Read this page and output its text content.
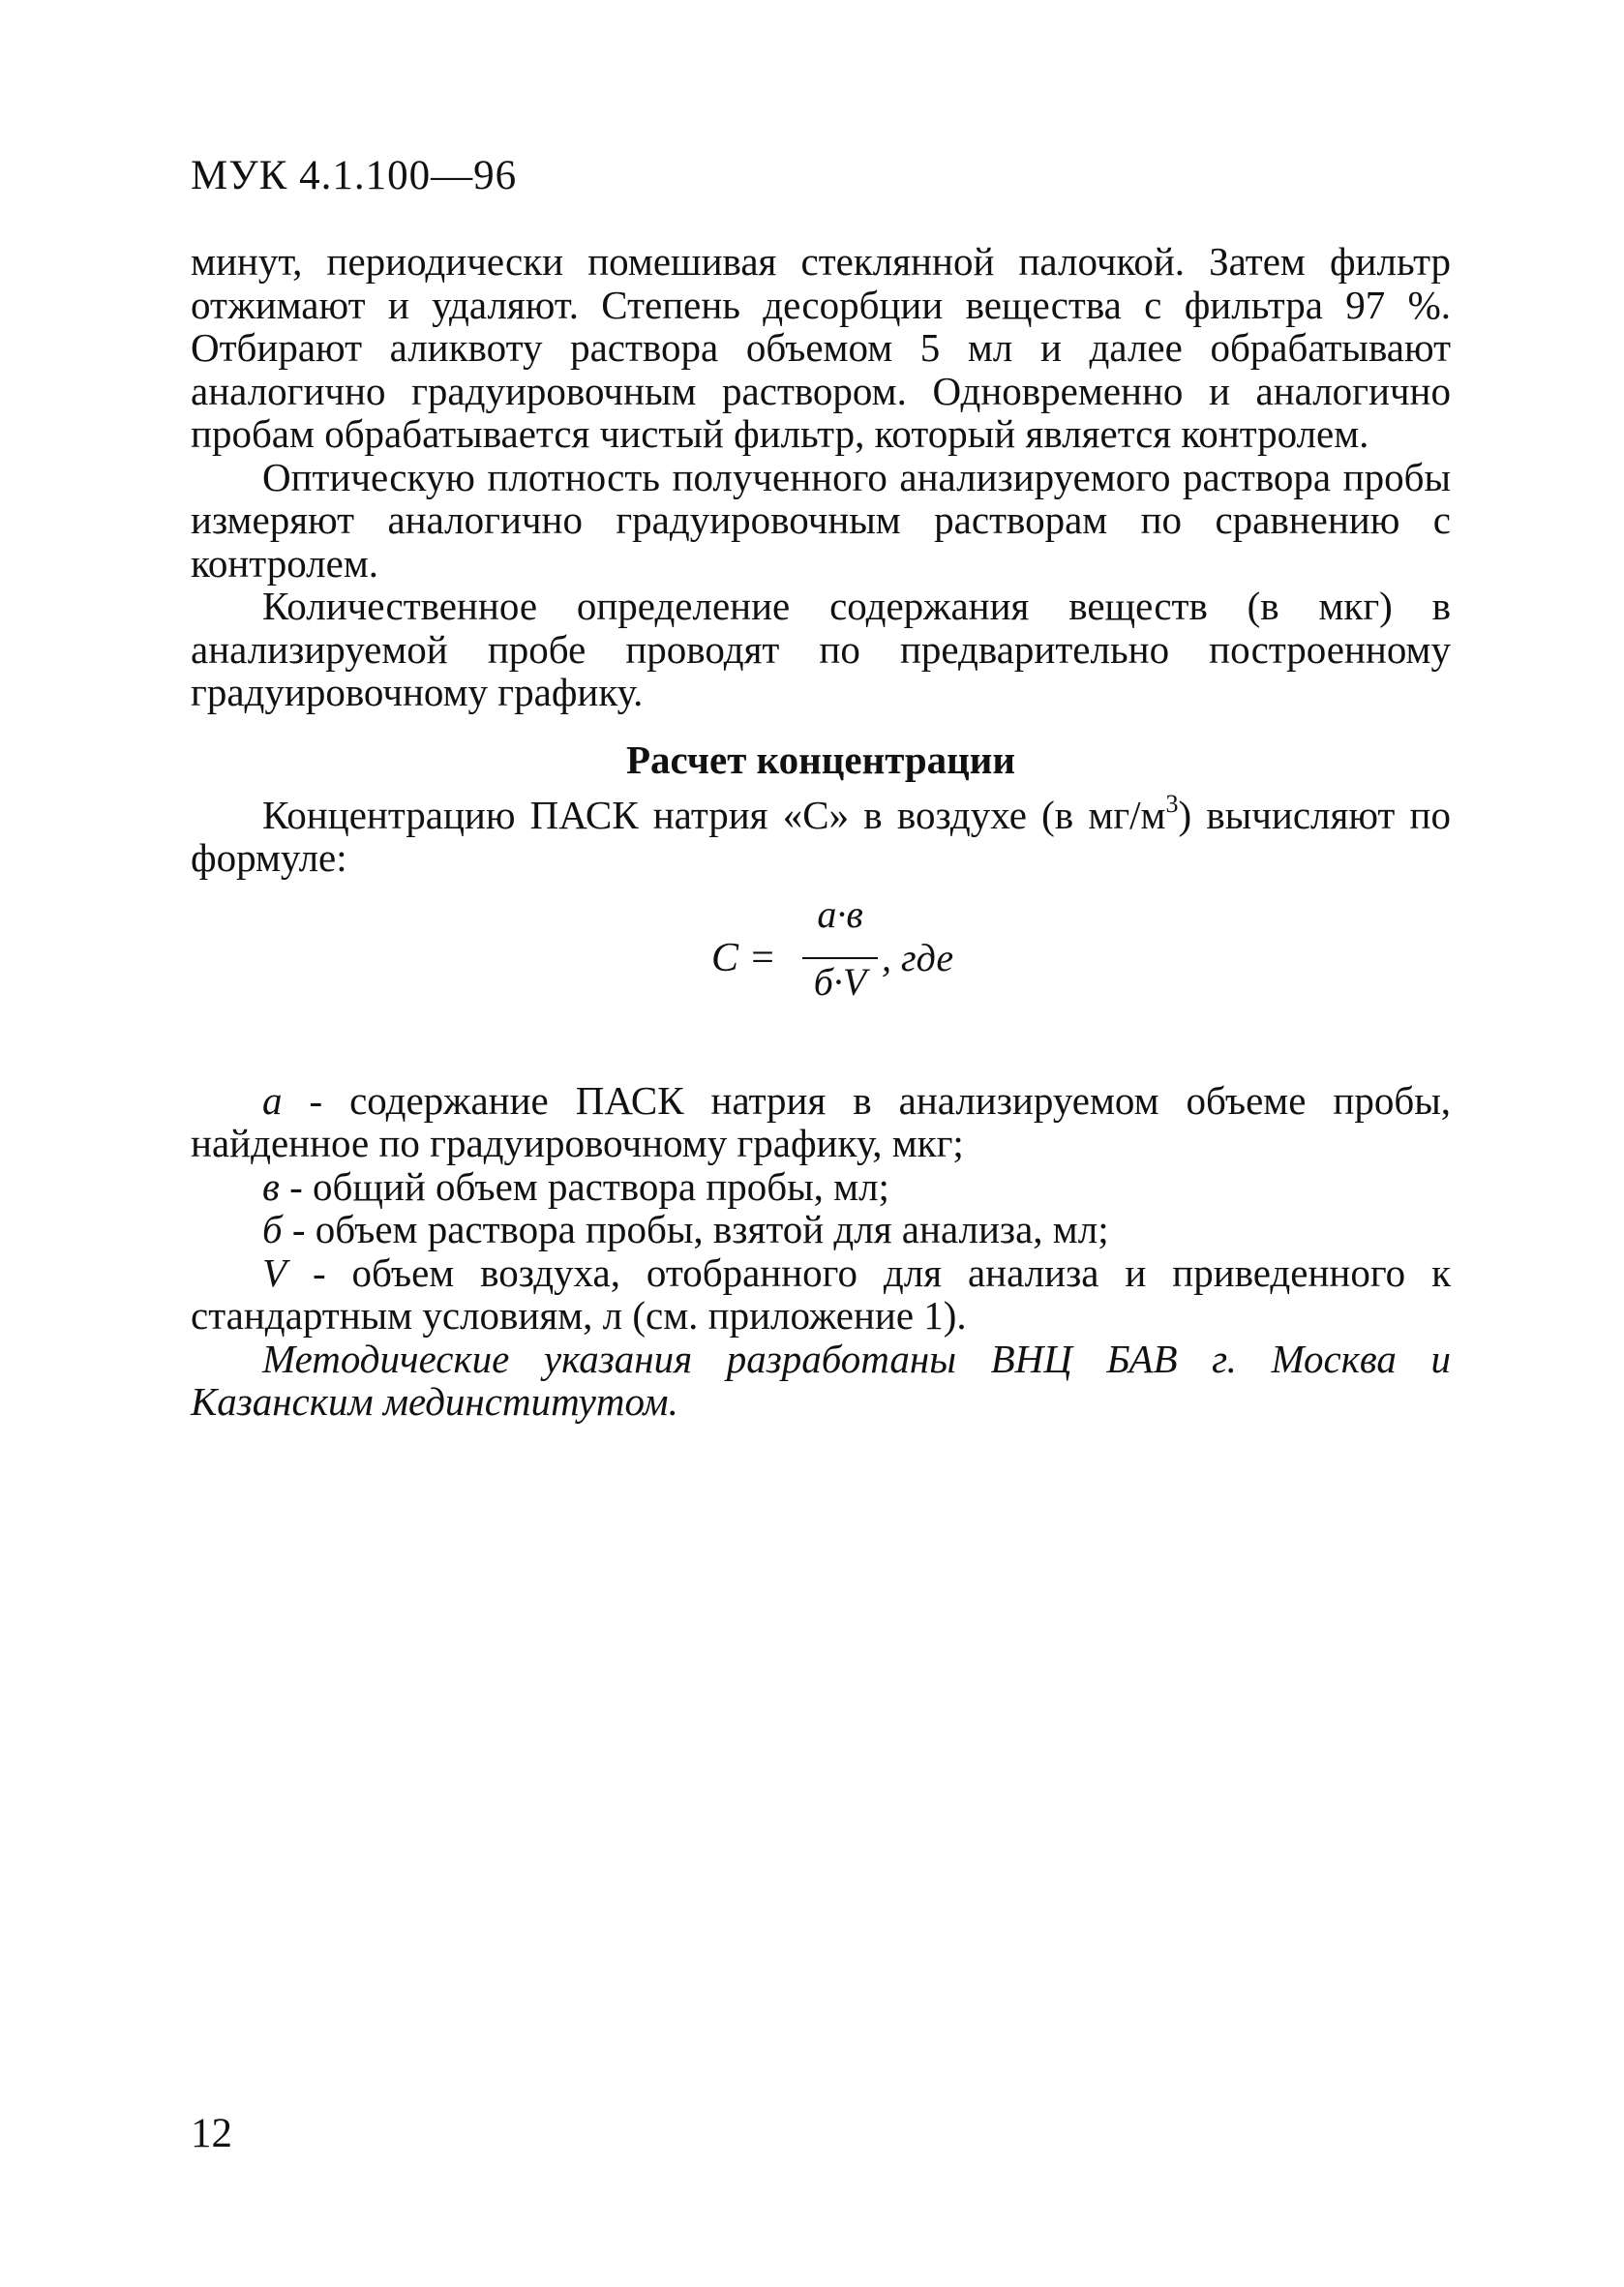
МУК 4.1.100—96

минут, периодически помешивая стеклянной палочкой. Затем фильтр отжимают и удаляют. Степень десорбции вещества с фильтра 97 %. Отбирают аликвоту раствора объемом 5 мл и далее обрабатывают аналогично градуировочным раствором. Одновременно и аналогично пробам обрабатывается чистый фильтр, который является контролем.

Оптическую плотность полученного анализируемого раствора пробы измеряют аналогично градуировочным растворам по сравнению с контролем.

Количественное определение содержания веществ (в мкг) в анализируемой пробе проводят по предварительно построенному градуировочному графику.

Расчет концентрации

Концентрацию ПАСК натрия «С» в воздухе (в $мг/м^3$) вычисляют по формуле:

C =
a·в
б·V
, где

а - содержание ПАСК натрия в анализируемом объеме пробы, найденное по градуировочному графику, мкг;

в - общий объем раствора пробы, мл;

б - объем раствора пробы, взятой для анализа, мл;

V - объем воздуха, отобранного для анализа и приведенного к стандартным условиям, л (см. приложение 1).

Методические указания разработаны ВНЦ БАВ г. Москва и Казанским мединститутом.

12
